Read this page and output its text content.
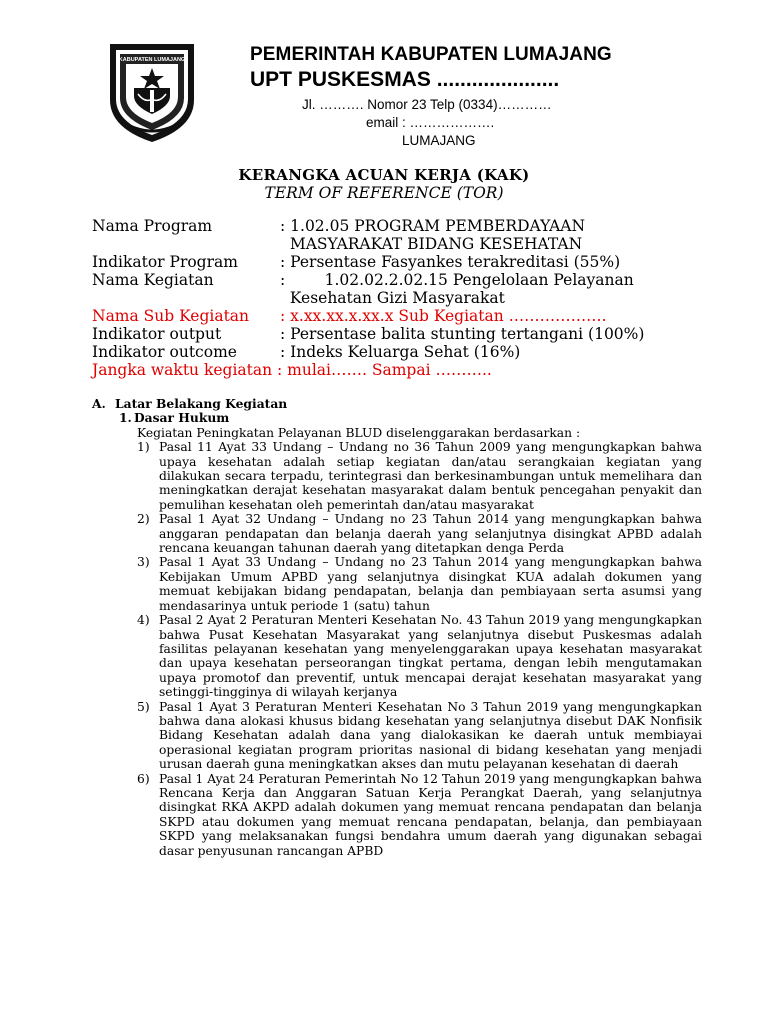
KABUPATEN LUMAJANG	PEMERINTAH KABUPATEN LUMAJANG
UPT PUSKESMAS .....................
Jl. ………. Nomor 23 Telp (0334)…………
email : ……………….
LUMAJANG
KERANGKA ACUAN KERJA (KAK)
TERM OF REFERENCE (TOR)
Nama Program	: 1.02.05 PROGRAM PEMBERDAYAAN
MASYARAKAT BIDANG KESEHATAN
Indikator Program	: Persentase Fasyankes terakreditasi (55%)
Nama Kegiatan	:        1.02.02.2.02.15 Pengelolaan Pelayanan
Kesehatan Gizi Masyarakat
Nama Sub Kegiatan : x.xx.xx.x.xx.x Sub Kegiatan ……………….
Indikator output	: Persentase balita stunting tertangani (100%)
Indikator outcome	: Indeks Keluarga Sehat (16%)
Jangka waktu kegiatan : mulai……. Sampai ………..
A. Latar Belakang Kegiatan
1. Dasar Hukum
Kegiatan Peningkatan Pelayanan BLUD diselenggarakan berdasarkan :
1) Pasal 11 Ayat 33 Undang – Undang no 36 Tahun 2009 yang mengungkapkan bahwa upaya kesehatan adalah setiap kegiatan dan/atau serangkaian kegiatan yang dilakukan secara terpadu, terintegrasi dan berkesinambungan untuk memelihara dan meningkatkan derajat kesehatan masyarakat dalam bentuk pencegahan penyakit dan pemulihan kesehatan oleh pemerintah dan/atau masyarakat
2) Pasal 1 Ayat 32 Undang – Undang no 23 Tahun 2014 yang mengungkapkan bahwa anggaran pendapatan dan belanja daerah yang selanjutnya disingkat APBD adalah rencana keuangan tahunan daerah yang ditetapkan denga Perda
3) Pasal 1 Ayat 33 Undang – Undang no 23 Tahun 2014 yang mengungkapkan bahwa Kebijakan Umum APBD yang selanjutnya disingkat KUA adalah dokumen yang memuat kebijakan bidang pendapatan, belanja dan pembiayaan serta asumsi yang mendasarinya untuk periode 1 (satu) tahun
4) Pasal 2 Ayat 2 Peraturan Menteri Kesehatan No. 43 Tahun 2019 yang mengungkapkan bahwa Pusat Kesehatan Masyarakat yang selanjutnya disebut Puskesmas adalah fasilitas pelayanan kesehatan yang menyelenggarakan upaya kesehatan masyarakat dan upaya kesehatan perseorangan tingkat pertama, dengan lebih mengutamakan upaya promotof dan preventif, untuk mencapai derajat kesehatan masyarakat yang setinggi-tingginya di wilayah kerjanya
5) Pasal 1 Ayat 3 Peraturan Menteri Kesehatan No 3 Tahun 2019 yang mengungkapkan bahwa dana alokasi khusus bidang kesehatan yang selanjutnya disebut DAK Nonfisik Bidang Kesehatan adalah dana yang dialokasikan ke daerah untuk membiayai operasional kegiatan program prioritas nasional di bidang kesehatan yang menjadi urusan daerah guna meningkatkan akses dan mutu pelayanan kesehatan di daerah
6) Pasal 1 Ayat 24 Peraturan Pemerintah No 12 Tahun 2019 yang mengungkapkan bahwa Rencana Kerja dan Anggaran Satuan Kerja Perangkat Daerah, yang selanjutnya disingkat RKA AKPD adalah dokumen yang memuat rencana pendapatan dan belanja SKPD atau dokumen yang memuat rencana pendapatan, belanja, dan pembiayaan SKPD yang melaksanakan fungsi bendahra umum daerah yang digunakan sebagai dasar penyusunan rancangan APBD
